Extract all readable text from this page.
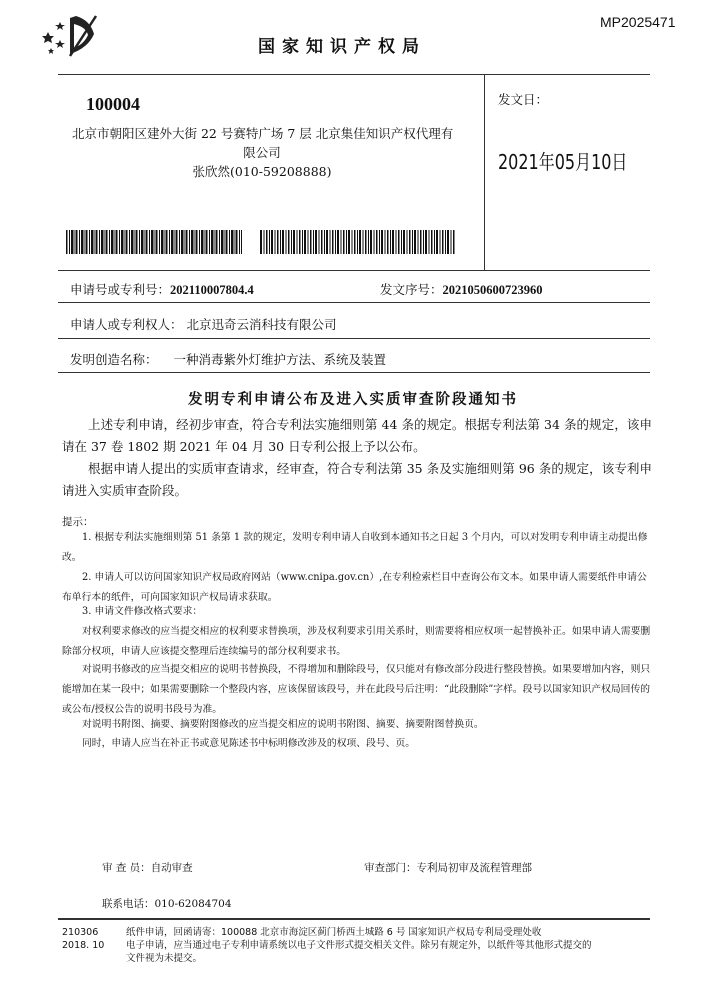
MP2025471
国家知识产权局
100004
北京市朝阳区建外大街 22 号赛特广场 7 层 北京集佳知识产权代理有
限公司
张欣然(010-59208888)
发文日：
2021年05月10日
申请号或专利号：202110007804.4	发文序号：2021050600723960
申请人或专利权人： 北京迅奇云消科技有限公司
发明创造名称： 一种消毒紫外灯维护方法、系统及装置
发明专利申请公布及进入实质审查阶段通知书
上述专利申请，经初步审查，符合专利法实施细则第 44 条的规定。根据专利法第 34 条的规定，该申请在 37 卷 1802 期 2021 年 04 月 30 日专利公报上予以公布。
根据申请人提出的实质审查请求，经审查，符合专利法第 35 条及实施细则第 96 条的规定，该专利申请进入实质审查阶段。
提示：
1. 根据专利法实施细则第 51 条第 1 款的规定，发明专利申请人自收到本通知书之日起 3 个月内，可以对发明专利申请主动提出修改。
2. 申请人可以访问国家知识产权局政府网站（www.cnipa.gov.cn）,在专利检索栏目中查询公布文本。如果申请人需要纸件申请公布单行本的纸件，可向国家知识产权局请求获取。
3. 申请文件修改格式要求：
对权利要求修改的应当提交相应的权利要求替换项，涉及权利要求引用关系时，则需要将相应权项一起替换补正。如果申请人需要删除部分权项，申请人应该提交整理后连续编号的部分权利要求书。
对说明书修改的应当提交相应的说明书替换段，不得增加和删除段号，仅只能对有修改部分段进行整段替换。如果要增加内容，则只能增加在某一段中；如果需要删除一个整段内容，应该保留该段号，并在此段号后注明：“此段删除”字样。段号以国家知识产权局回传的或公布/授权公告的说明书段号为准。
对说明书附图、摘要、摘要附图修改的应当提交相应的说明书附图、摘要、摘要附图替换页。
同时，申请人应当在补正书或意见陈述书中标明修改涉及的权项、段号、页。
审 查 员：自动审查	审查部门：专利局初审及流程管理部
联系电话：010-62084704
210306
2018. 10
纸件申请，回函请寄：100088 北京市海淀区蓟门桥西土城路 6 号 国家知识产权局专利局受理处收
电子申请，应当通过电子专利申请系统以电子文件形式提交相关文件。除另有规定外，以纸件等其他形式提交的
文件视为未提交。
